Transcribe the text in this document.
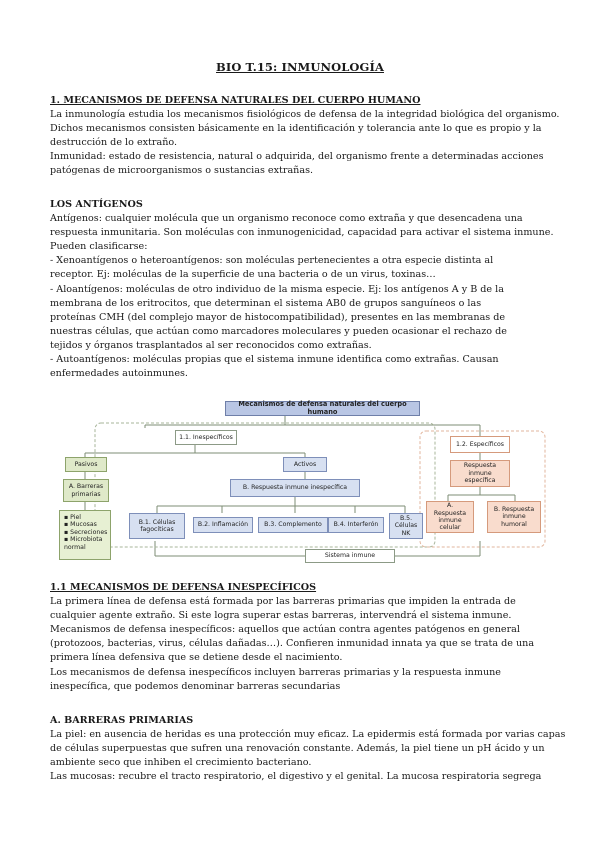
BIO T.15: INMUNOLOGÍA

1. MECANISMOS DE DEFENSA NATURALES DEL CUERPO HUMANO

La inmunología estudia los mecanismos fisiológicos de defensa de la integridad biológica del organismo.

Dichos mecanismos consisten básicamente en la identificación y tolerancia ante lo que es propio y la

destrucción de lo extraño.

Inmunidad: estado de resistencia, natural o adquirida, del organismo frente a determinadas acciones

patógenas de microorganismos o sustancias extrañas.

LOS ANTÍGENOS

Antígenos: cualquier molécula que un organismo reconoce como extraña y que desencadena una

respuesta inmunitaria. Son moléculas con inmunogenicidad, capacidad para activar el sistema inmune.

Pueden clasificarse:

- Xenoantígenos o heteroantígenos: son moléculas pertenecientes a otra especie distinta al

receptor. Ej: moléculas de la superficie de una bacteria o de un virus, toxinas…

- Aloantígenos: moléculas de otro individuo de la misma especie. Ej: los antígenos A y B de la

membrana de los eritrocitos, que determinan el sistema AB0 de grupos sanguíneos o las

proteínas CMH (del complejo mayor de histocompatibilidad), presentes en las membranas de

nuestras células, que actúan como marcadores moleculares y pueden ocasionar el rechazo de

tejidos y órganos trasplantados al ser reconocidos como extrañas.

- Autoantígenos: moléculas propias que el sistema inmune identifica como extrañas. Causan

enfermedades autoinmunes.

Mecanismos de defensa naturales del cuerpo humano
1.1. Inespecíficos
1.2. Específicos
Pasivos	Activos
A. Barreras primarias
B. Respuesta inmune inespecífica
Respuesta inmune específica
▪ Piel
▪ Mucosas
▪ Secreciones
▪ Microbiota normal
B.1. Células fagocíticas
B.2. Inflamación	B.3. Complemento	B.4. Interferón
B.5. Células NK
A. Respuesta inmune celular
B. Respuesta inmune humoral
Sistema inmune

1.1 MECANISMOS DE DEFENSA INESPECÍFICOS

La primera línea de defensa está formada por las barreras primarias que impiden la entrada de

cualquier agente extraño. Si este logra superar estas barreras, intervendrá el sistema inmune.

Mecanismos de defensa inespecíficos: aquellos que actúan contra agentes patógenos en general

(protozoos, bacterias, virus, células dañadas…). Confieren inmunidad innata ya que se trata de una

primera línea defensiva que se detiene desde el nacimiento.

Los mecanismos de defensa inespecíficos incluyen barreras primarias y la respuesta inmune

inespecífica, que podemos denominar barreras secundarias

A. BARRERAS PRIMARIAS

La piel: en ausencia de heridas es una protección muy eficaz. La epidermis está formada por varias capas

de células superpuestas que sufren una renovación constante. Además, la piel tiene un pH ácido y un

ambiente seco que inhiben el crecimiento bacteriano.

Las mucosas: recubre el tracto respiratorio, el digestivo y el genital. La mucosa respiratoria segrega
